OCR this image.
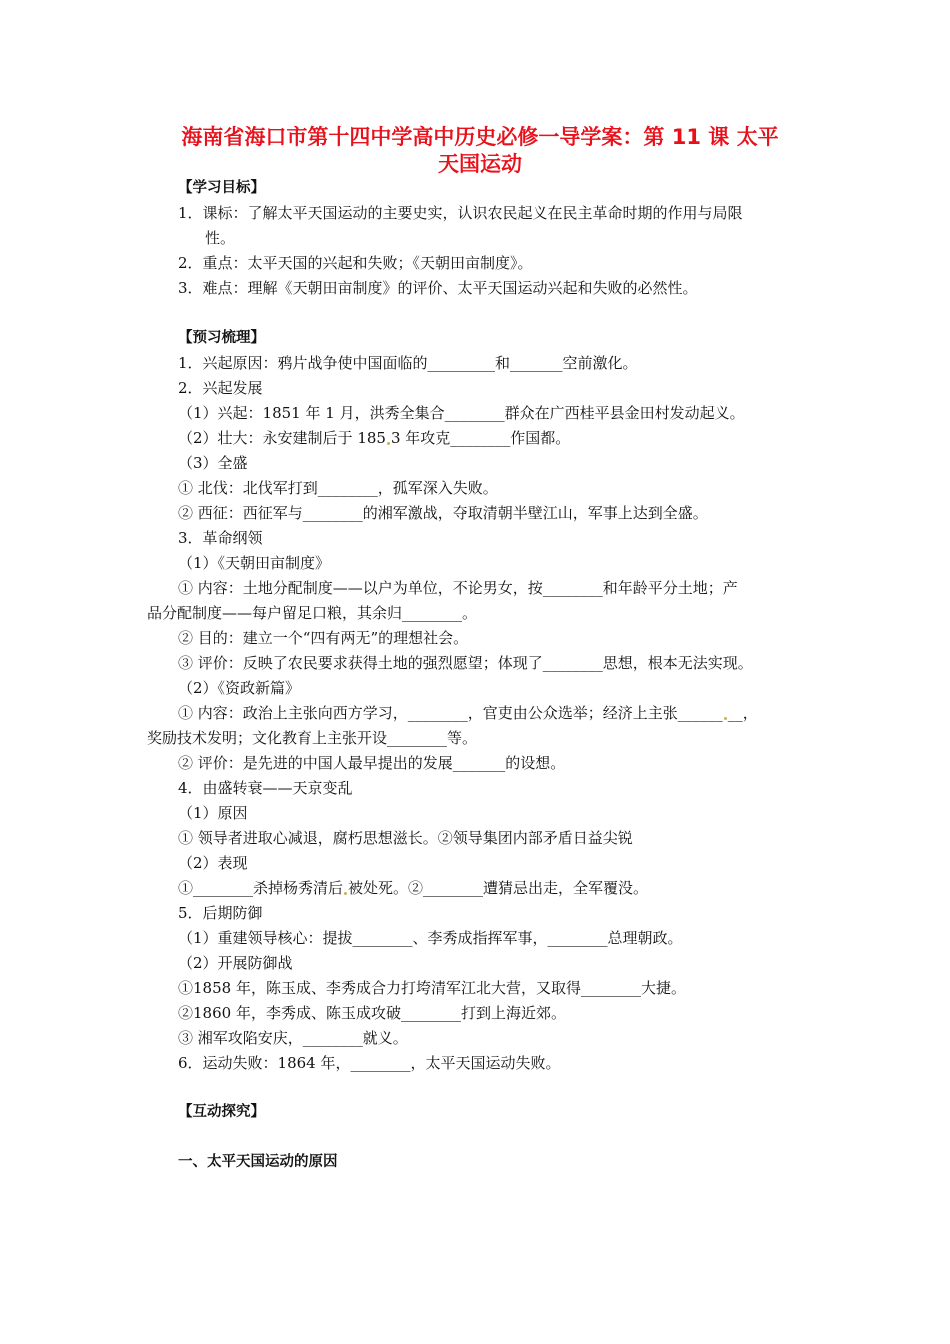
海南省海口市第十四中学高中历史必修一导学案：第 11 课 太平
天国运动
【学习目标】
1．课标：了解太平天国运动的主要史实，认识农民起义在民主革命时期的作用与局限
性。
2．重点：太平天国的兴起和失败；《天朝田亩制度》。
3．难点：理解《天朝田亩制度》的评价、太平天国运动兴起和失败的必然性。
【预习梳理】
1．兴起原因：鸦片战争使中国面临的_________和_______空前激化。
2．兴起发展
（1）兴起：1851 年 1 月，洪秀全集合________群众在广西桂平县金田村发动起义。
（2）壮大：永安建制后于 185 3 年攻克________作国都。
（3）全盛
① 北伐：北伐军打到________，孤军深入失败。
② 西征：西征军与________的湘军激战，夺取清朝半壁江山，军事上达到全盛。
3．革命纲领
（1）《天朝田亩制度》
① 内容：土地分配制度——以户为单位，不论男女，按________和年龄平分土地；产
品分配制度——每户留足口粮，其余归________。
② 目的：建立一个“四有两无”的理想社会。
③ 评价：反映了农民要求获得土地的强烈愿望；体现了________思想，根本无法实现。
（2）《资政新篇》
① 内容：政治上主张向西方学习，________，官吏由公众选举；经济上主张______ __，
奖励技术发明；文化教育上主张开设________等。
② 评价：是先进的中国人最早提出的发展_______的设想。
4．由盛转衰——天京变乱
（1）原因
① 领导者进取心减退，腐朽思想滋长。②领导集团内部矛盾日益尖锐
（2）表现
①________杀掉杨秀清后 被处死。②________遭猜忌出走，全军覆没。
5．后期防御
（1）重建领导核心：提拔________、李秀成指挥军事，________总理朝政。
（2）开展防御战
①1858 年，陈玉成、李秀成合力打垮清军江北大营，又取得________大捷。
②1860 年，李秀成、陈玉成攻破________打到上海近郊。
③ 湘军攻陷安庆，________就义。
6．运动失败：1864 年，________，太平天国运动失败。
【互动探究】
一、太平天国运动的原因
